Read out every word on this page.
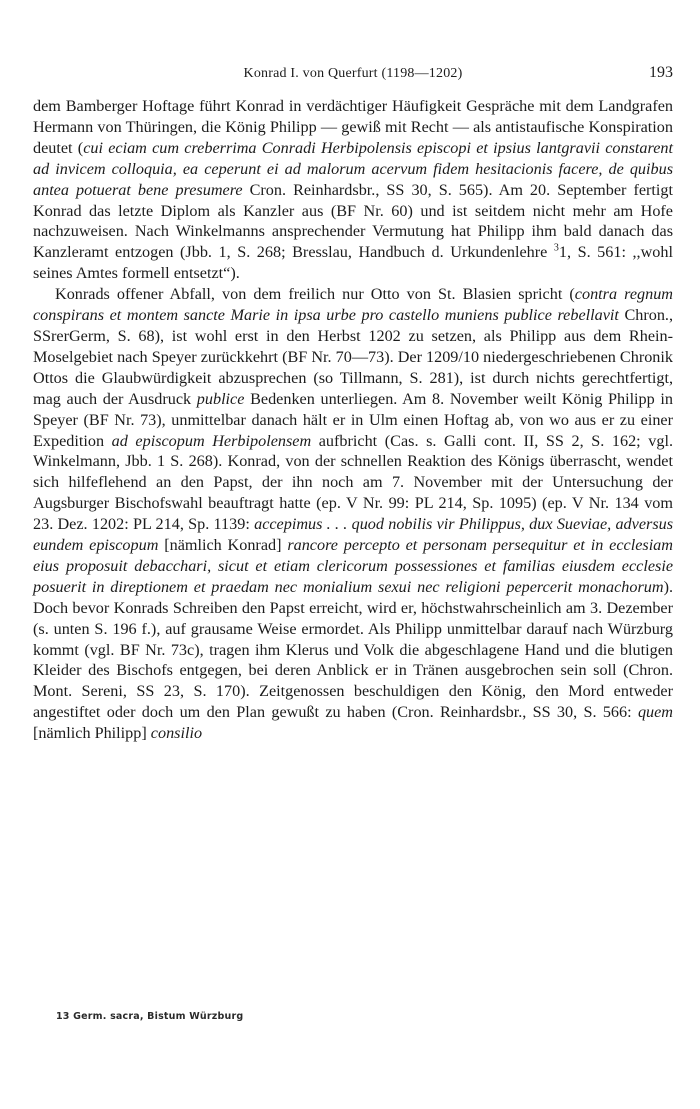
Konrad I. von Querfurt (1198—1202)	193

dem Bamberger Hoftage führt Konrad in verdächtiger Häufigkeit Gespräche mit dem Landgrafen Hermann von Thüringen, die König Philipp — gewiß mit Recht — als antistaufische Konspiration deutet (cui eciam cum creberrima Conradi Herbipolensis episcopi et ipsius lantgravii constarent ad invicem colloquia, ea ceperunt ei ad malorum acervum fidem hesitacionis facere, de quibus antea potuerat bene presumere Cron. Reinhardsbr., SS 30, S. 565). Am 20. September fertigt Konrad das letzte Diplom als Kanzler aus (BF Nr. 60) und ist seitdem nicht mehr am Hofe nachzuweisen. Nach Winkelmanns ansprechender Vermutung hat Philipp ihm bald danach das Kanzleramt entzogen (Jbb. 1, S. 268; Bresslau, Handbuch d. Urkundenlehre $^3$1, S. 561: ,,wohl seines Amtes formell entsetzt“).

Konrads offener Abfall, von dem freilich nur Otto von St. Blasien spricht (contra regnum conspirans et montem sancte Marie in ipsa urbe pro castello muniens publice rebellavit Chron., SSrerGerm, S. 68), ist wohl erst in den Herbst 1202 zu setzen, als Philipp aus dem Rhein-Moselgebiet nach Speyer zurückkehrt (BF Nr. 70—73). Der 1209/10 niedergeschriebenen Chronik Ottos die Glaubwürdigkeit abzusprechen (so Tillmann, S. 281), ist durch nichts gerechtfertigt, mag auch der Ausdruck publice Bedenken unterliegen. Am 8. November weilt König Philipp in Speyer (BF Nr. 73), unmittelbar danach hält er in Ulm einen Hoftag ab, von wo aus er zu einer Expedition ad episcopum Herbipolensem aufbricht (Cas. s. Galli cont. II, SS 2, S. 162; vgl. Winkelmann, Jbb. 1 S. 268). Konrad, von der schnellen Reaktion des Königs überrascht, wendet sich hilfeflehend an den Papst, der ihn noch am 7. November mit der Untersuchung der Augsburger Bischofswahl beauftragt hatte (ep. V Nr. 99: PL 214, Sp. 1095) (ep. V Nr. 134 vom 23. Dez. 1202: PL 214, Sp. 1139: accepimus . . . quod nobilis vir Philippus, dux Sueviae, adversus eundem episcopum [nämlich Konrad] rancore percepto et personam persequitur et in ecclesiam eius proposuit debacchari, sicut et etiam clericorum possessiones et familias eiusdem ecclesie posuerit in direptionem et praedam nec monialium sexui nec religioni pepercerit monachorum). Doch bevor Konrads Schreiben den Papst erreicht, wird er, höchstwahrscheinlich am 3. Dezember (s. unten S. 196 f.), auf grausame Weise ermordet. Als Philipp unmittelbar darauf nach Würzburg kommt (vgl. BF Nr. 73c), tragen ihm Klerus und Volk die abgeschlagene Hand und die blutigen Kleider des Bischofs entgegen, bei deren Anblick er in Tränen ausgebrochen sein soll (Chron. Mont. Sereni, SS 23, S. 170). Zeitgenossen beschuldigen den König, den Mord entweder angestiftet oder doch um den Plan gewußt zu haben (Cron. Reinhardsbr., SS 30, S. 566: quem [nämlich Philipp] consilio

13 Germ. sacra, Bistum Würzburg
